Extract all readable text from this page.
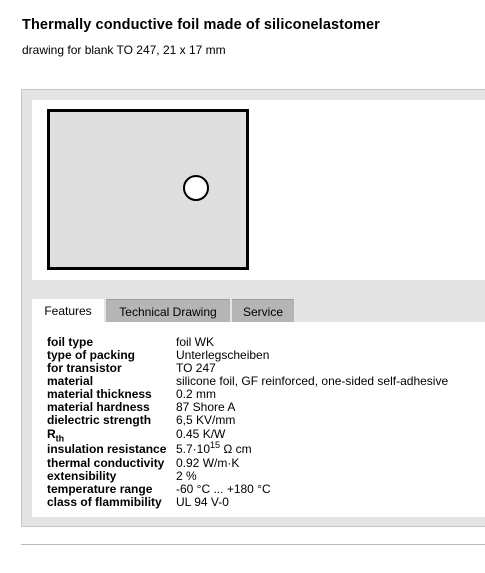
Thermally conductive foil made of siliconelastomer
drawing for blank TO 247, 21 x 17 mm
Features	Technical Drawing	Service
foil type	foil WK
type of packing	Unterlegscheiben
for transistor	TO 247
material	silicone foil, GF reinforced, one-sided self-adhesive
material thickness	0.2 mm
material hardness	87 Shore A
dielectric strength	6,5 KV/mm
$R_{th}$	0.45 K/W
insulation resistance	$5.7\cdot 10^{15}$ Ω cm
thermal conductivity	0.92 W/m·K
extensibility	2 %
temperature range	-60 °C ... +180 °C
class of flammibility	UL 94 V-0
